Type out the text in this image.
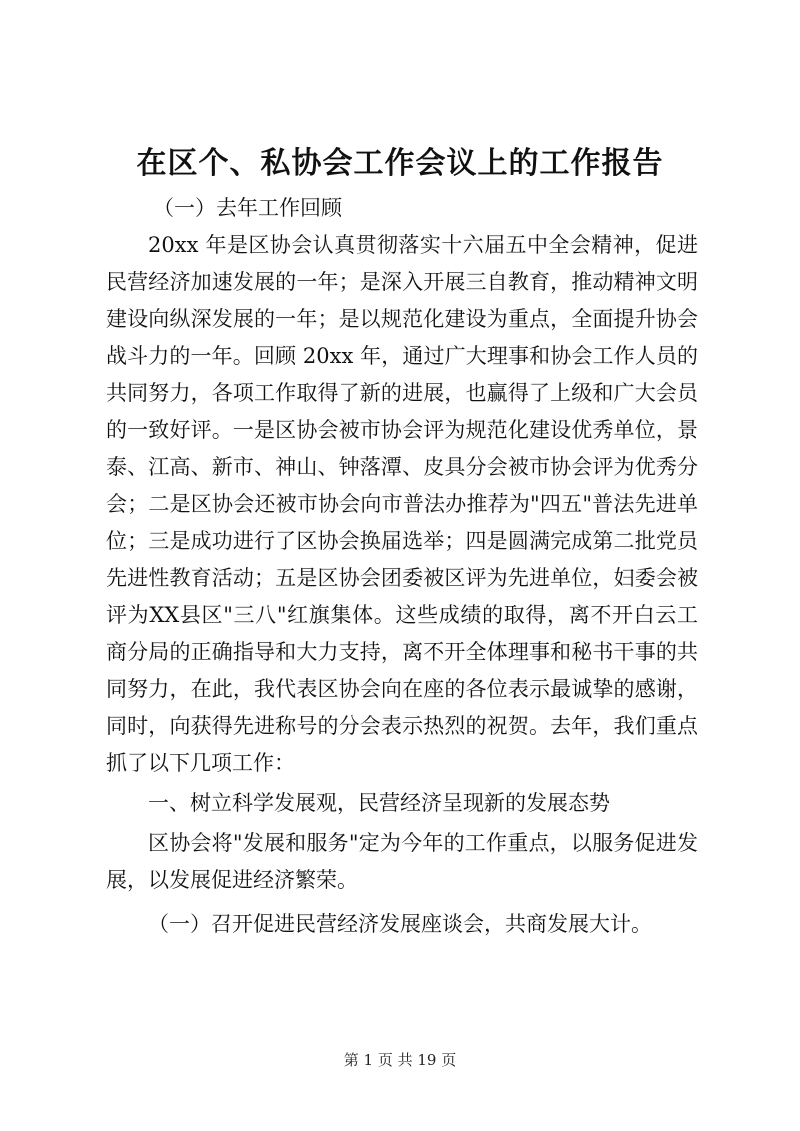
在区个、私协会工作会议上的工作报告

（一）去年工作回顾

20xx 年是区协会认真贯彻落实十六届五中全会精神，促进民营经济加速发展的一年；是深入开展三自教育，推动精神文明建设向纵深发展的一年；是以规范化建设为重点，全面提升协会战斗力的一年。回顾 20xx 年，通过广大理事和协会工作人员的共同努力，各项工作取得了新的进展，也赢得了上级和广大会员的一致好评。一是区协会被市协会评为规范化建设优秀单位，景泰、江高、新市、神山、钟落潭、皮具分会被市协会评为优秀分会；二是区协会还被市协会向市普法办推荐为"四五"普法先进单位；三是成功进行了区协会换届选举；四是圆满完成第二批党员先进性教育活动；五是区协会团委被区评为先进单位，妇委会被评为XX县区"三八"红旗集体。这些成绩的取得，离不开白云工商分局的正确指导和大力支持，离不开全体理事和秘书干事的共同努力，在此，我代表区协会向在座的各位表示最诚挚的感谢，同时，向获得先进称号的分会表示热烈的祝贺。去年，我们重点抓了以下几项工作：

一、树立科学发展观，民营经济呈现新的发展态势

区协会将"发展和服务"定为今年的工作重点，以服务促进发展，以发展促进经济繁荣。

（一）召开促进民营经济发展座谈会，共商发展大计。

第 1 页 共 19 页
